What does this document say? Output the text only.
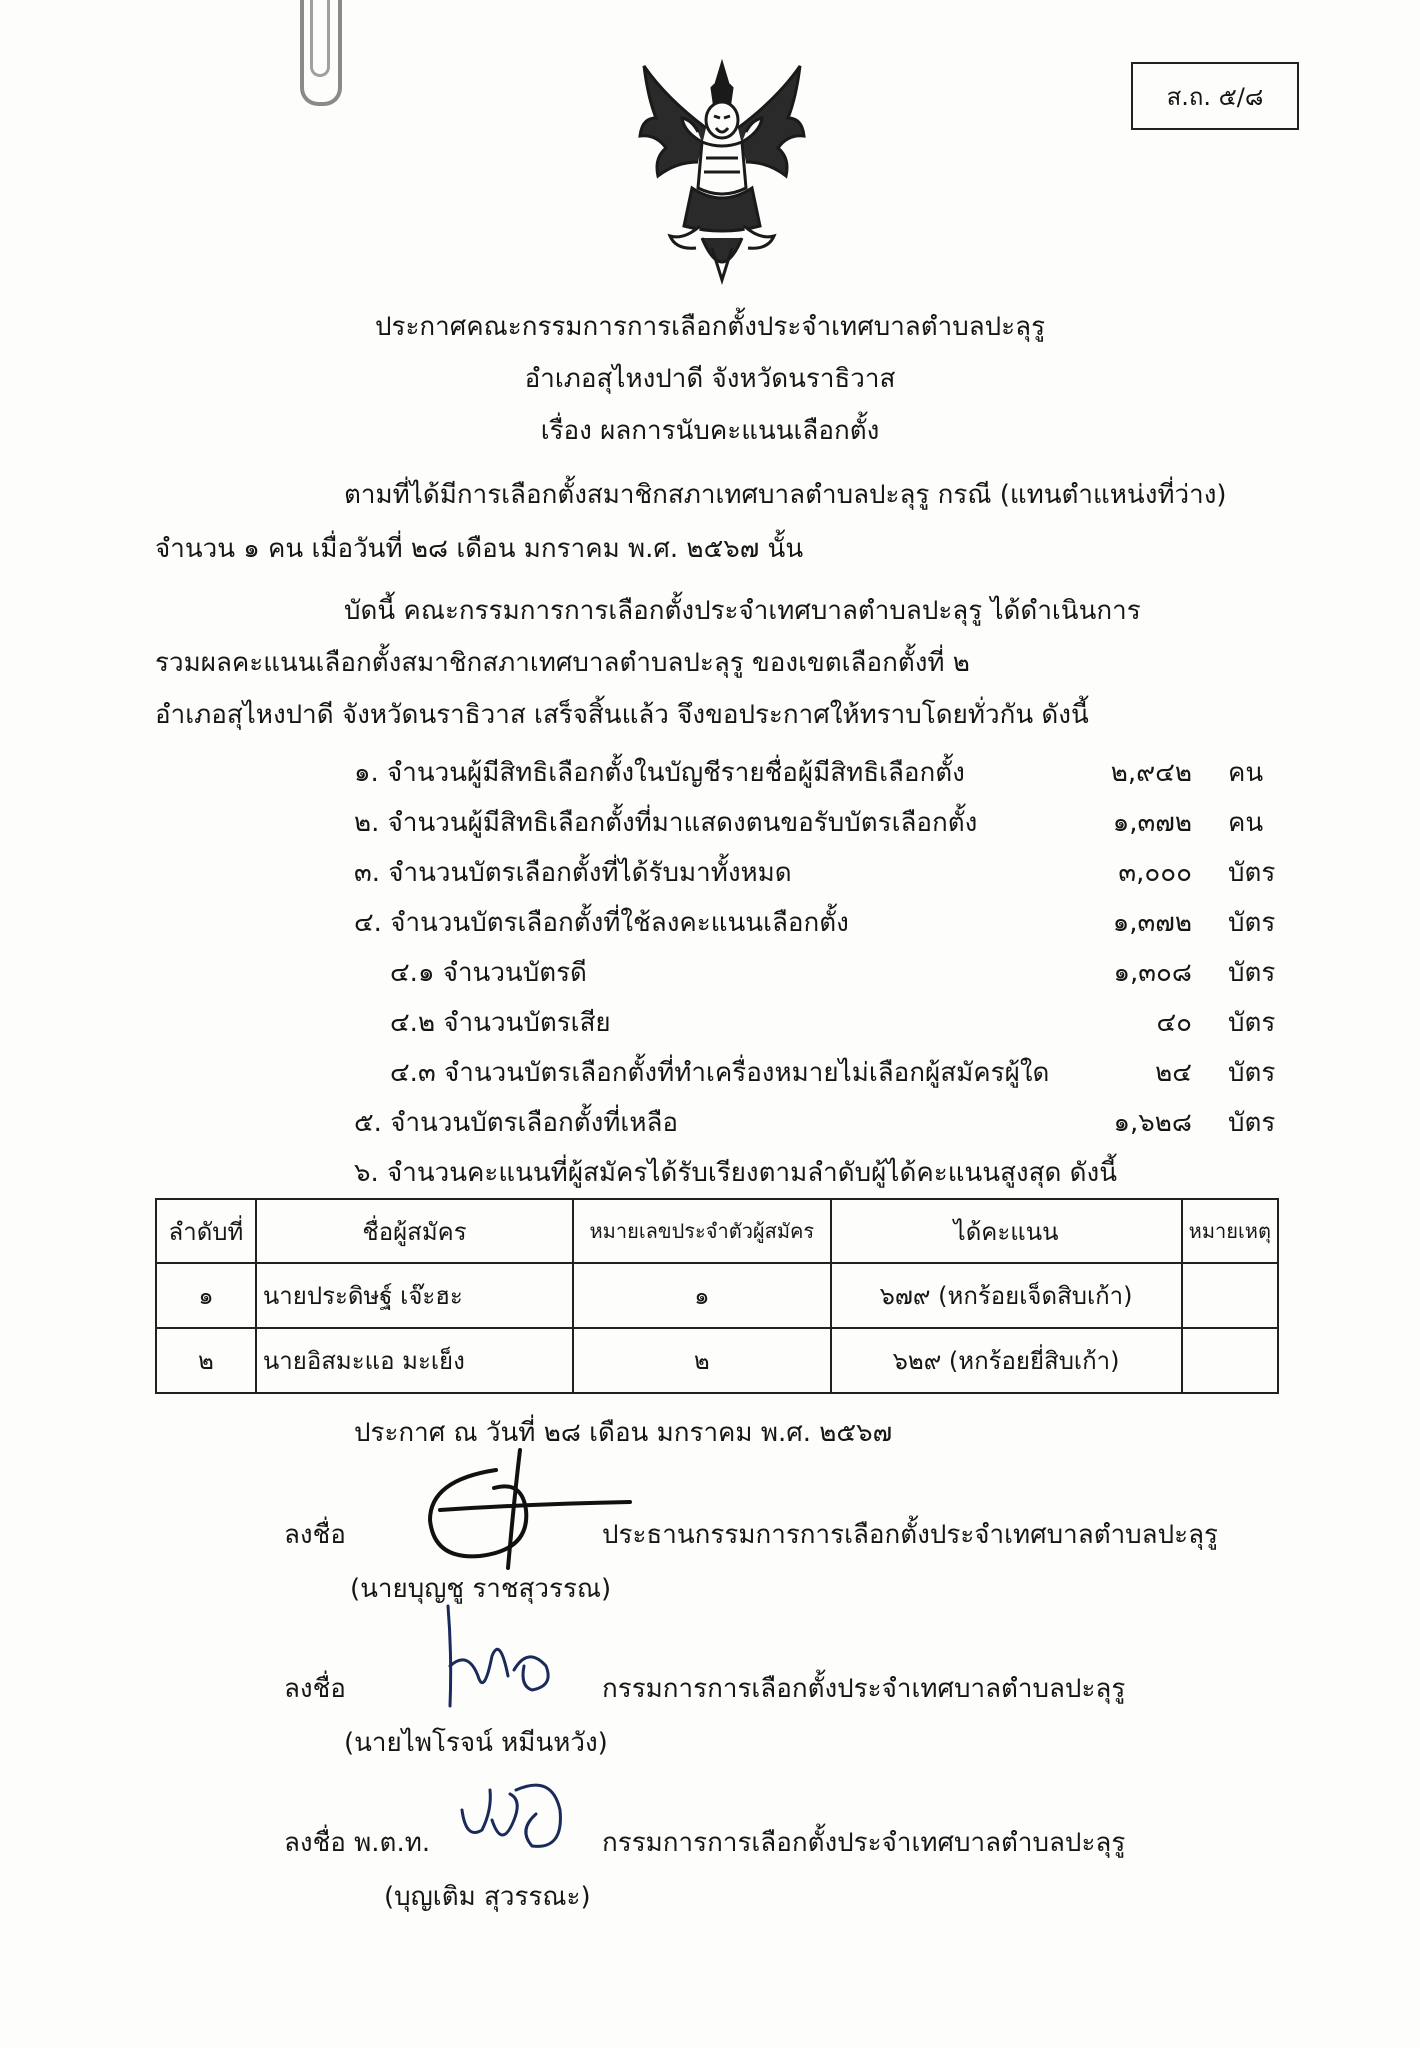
ส.ถ. ๕/๘
ประกาศคณะกรรมการการเลือกตั้งประจำเทศบาลตำบลปะลุรู
อำเภอสุไหงปาดี จังหวัดนราธิวาส
เรื่อง ผลการนับคะแนนเลือกตั้ง
ตามที่ได้มีการเลือกตั้งสมาชิกสภาเทศบาลตำบลปะลุรู กรณี (แทนตำแหน่งที่ว่าง)
จำนวน ๑ คน เมื่อวันที่ ๒๘ เดือน มกราคม พ.ศ. ๒๕๖๗ นั้น
บัดนี้ คณะกรรมการการเลือกตั้งประจำเทศบาลตำบลปะลุรู ได้ดำเนินการ
รวมผลคะแนนเลือกตั้งสมาชิกสภาเทศบาลตำบลปะลุรู ของเขตเลือกตั้งที่ ๒
อำเภอสุไหงปาดี จังหวัดนราธิวาส เสร็จสิ้นแล้ว จึงขอประกาศให้ทราบโดยทั่วกัน ดังนี้
๑. จำนวนผู้มีสิทธิเลือกตั้งในบัญชีรายชื่อผู้มีสิทธิเลือกตั้ง	๒,๙๔๒ คน
๒. จำนวนผู้มีสิทธิเลือกตั้งที่มาแสดงตนขอรับบัตรเลือกตั้ง	๑,๓๗๒ คน
๓. จำนวนบัตรเลือกตั้งที่ได้รับมาทั้งหมด	๓,๐๐๐ บัตร
๔. จำนวนบัตรเลือกตั้งที่ใช้ลงคะแนนเลือกตั้ง	๑,๓๗๒ บัตร
๔.๑ จำนวนบัตรดี	๑,๓๐๘ บัตร
๔.๒ จำนวนบัตรเสีย	๔๐ บัตร
๔.๓ จำนวนบัตรเลือกตั้งที่ทำเครื่องหมายไม่เลือกผู้สมัครผู้ใด	๒๔ บัตร
๕. จำนวนบัตรเลือกตั้งที่เหลือ	๑,๖๒๘ บัตร
๖. จำนวนคะแนนที่ผู้สมัครได้รับเรียงตามลำดับผู้ได้คะแนนสูงสุด ดังนี้
ลำดับที่	ชื่อผู้สมัคร	หมายเลขประจำตัวผู้สมัคร	ได้คะแนน	หมายเหตุ
๑	นายประดิษฐ์ เจ๊ะฮะ	๑	๖๗๙ (หกร้อยเจ็ดสิบเก้า)	
๒	นายอิสมะแอ มะเย็ง	๒	๖๒๙ (หกร้อยยี่สิบเก้า)	
ประกาศ ณ วันที่ ๒๘ เดือน มกราคม พ.ศ. ๒๕๖๗
ลงชื่อ	ประธานกรรมการการเลือกตั้งประจำเทศบาลตำบลปะลุรู
(นายบุญชู ราชสุวรรณ)
ลงชื่อ	กรรมการการเลือกตั้งประจำเทศบาลตำบลปะลุรู
(นายไพโรจน์ หมีนหวัง)
ลงชื่อ พ.ต.ท.	กรรมการการเลือกตั้งประจำเทศบาลตำบลปะลุรู
(บุญเติม สุวรรณะ)
